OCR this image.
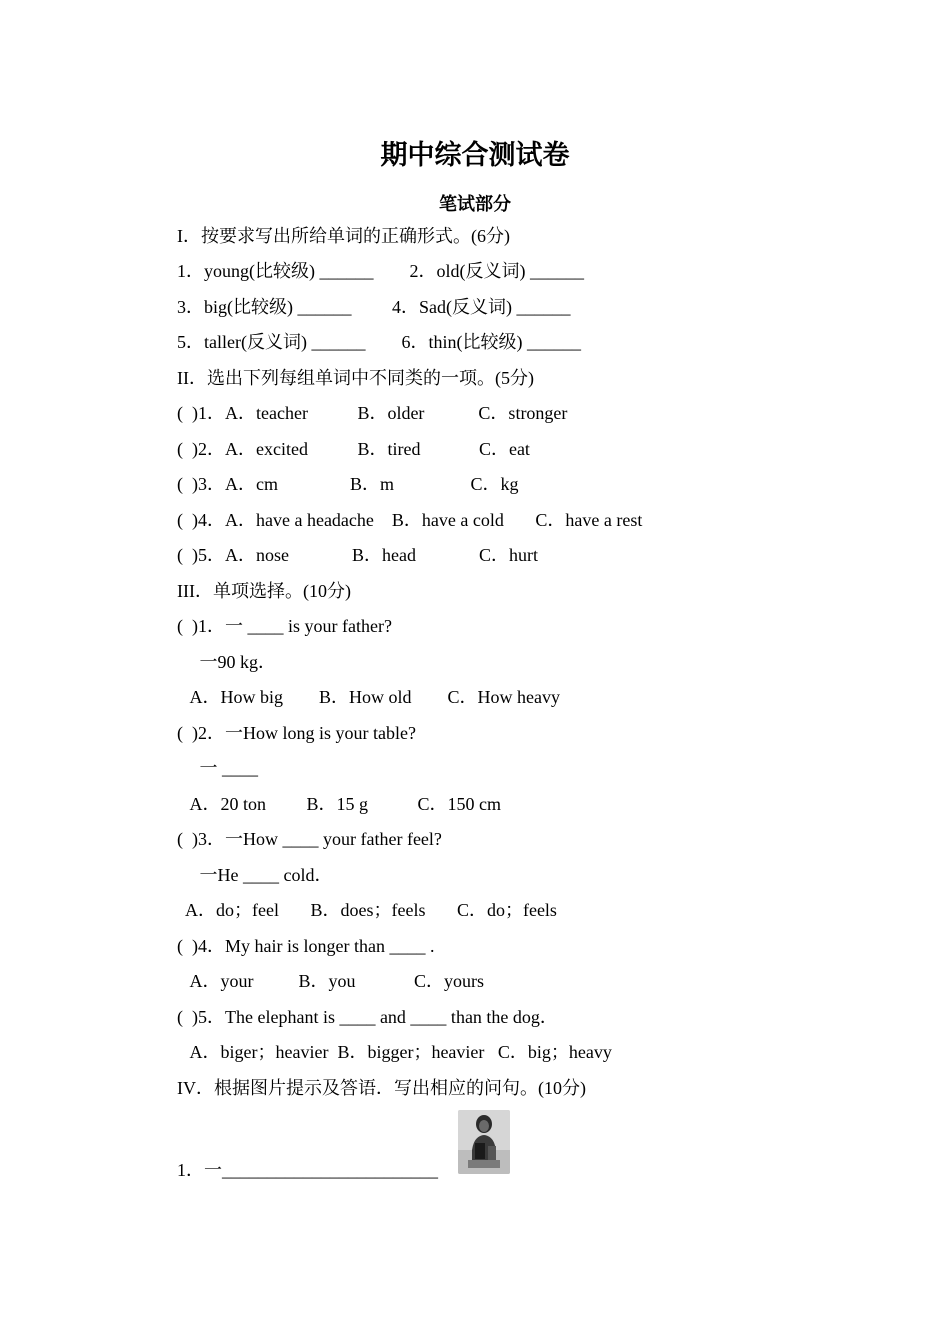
期中综合测试卷
笔试部分
I．按要求写出所给单词的正确形式。(6分)
1．young(比较级) ______        2．old(反义词) ______
3．big(比较级) ______         4．Sad(反义词) ______
5．taller(反义词) ______        6．thin(比较级) ______
II．选出下列每组单词中不同类的一项。(5分)
(  )1．A．teacher           B．older            C．stronger
(  )2．A．excited           B．tired             C．eat
(  )3．A．cm                B．m                 C．kg
(  )4．A．have a headache    B．have a cold       C．have a rest
(  )5．A．nose              B．head              C．hurt
III．单项选择。(10分)
(  )1．一 ____ is your father?
一90 kg．
A．How big        B．How old        C．How heavy
(  )2．一How long is your table?
一 ____
A．20 ton         B．15 g           C．150 cm
(  )3．一How ____ your father feel?
一He ____ cold．
A．do；feel       B．does；feels       C．do；feels
(  )4．My hair is longer than ____ .
A．your          B．you             C．yours
(  )5．The elephant is ____ and ____ than the dog．
A．biger；heavier  B．bigger；heavier   C．big；heavy
IV．根据图片提示及答语．写出相应的问句。(10分)
1．一________________________
